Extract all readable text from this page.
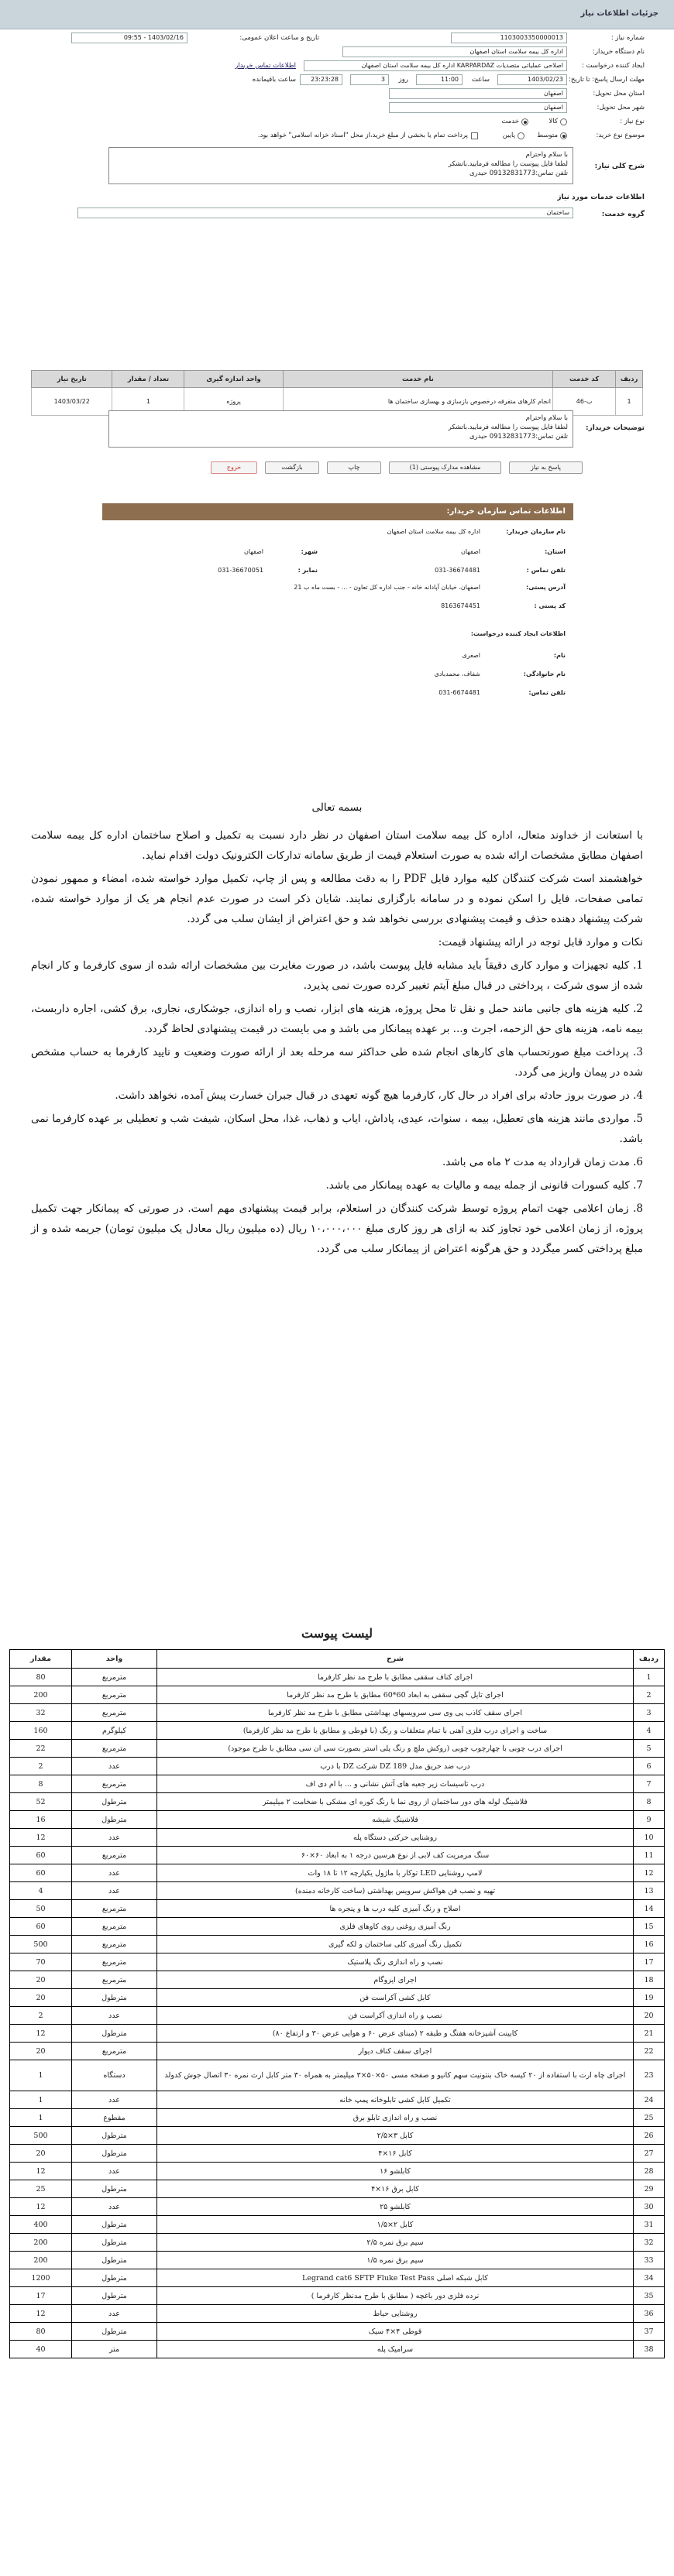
جزئیات اطلاعات نیاز
شماره نیاز :
1103003350000013
تاریخ و ساعت اعلان عمومی:
1403/02/16 - 09:55
نام دستگاه خریدار:
اداره کل بیمه سلامت استان اصفهان
ایجاد کننده درخواست :
اصلاحی عملیاتی متصدیات KARPARDAZ اداره کل بیمه سلامت استان اصفهان
اطلاعات تماس خریدار
مهلت ارسال پاسخ: تا تاریخ:
1403/02/23
ساعت
11:00
روز
3
23:23:28
ساعت باقیمانده
استان محل تحویل:
اصفهان
شهر محل تحویل:
اصفهان
نوع نیاز :
کالا
خدمت
موضوع نوع خرید:
متوسط
پایین
پرداخت تمام یا بخشی از مبلغ خرید،از محل "اسناد خزانه اسلامی" خواهد بود.
شرح کلی نیاز:
با سلام واحترام
لطفا فایل پیوست را مطالعه فرمایید.باتشکر
تلفن تماس:09132831773 حیدری
اطلاعات خدمات مورد نیاز
گروه خدمت:
ساختمان
ردیف	کد خدمت	نام خدمت	واحد اندازه گیری	تعداد / مقدار	تاریخ نیاز
1	ب-46	انجام کارهای متفرقه درخصوص بازسازی و بهسازی ساختمان ها	پروژه	1	1403/03/22
توضیحات خریدار:
با سلام واحترام
لطفا فایل پیوست را مطالعه فرمایید.باتشکر
تلفن تماس:09132831773 حیدری
پاسخ به نیاز
مشاهده مدارک پیوستی (1)
چاپ
بازگشت
خروج
اطلاعات تماس سازمان خریدار:
نام سازمان خریدار:
اداره کل بیمه سلامت استان اصفهان
استان:
اصفهان
شهر:
اصفهان
تلفن تماس :
031-36674481
نمابر :
031-36670051
آدرس پستی:
اصفهان، خیابان آپادانه خانه - جنب اداره کل تعاون - ... - بست ماه ب 21
کد پستی :
8163674451
اطلاعات ایجاد کننده درخواست:
نام:
اصغری
نام خانوادگی:
شفاف، محمدبادی
تلفن تماس:
031-6674481

بسمه تعالی

با استعانت از خداوند متعال، اداره کل بیمه سلامت استان اصفهان در نظر دارد نسبت به تکمیل و اصلاح ساختمان اداره کل بیمه سلامت اصفهان مطابق مشخصات ارائه شده به صورت استعلام قیمت از طریق سامانه تدارکات الکترونیک دولت اقدام نماید.

خواهشمند است شرکت کنندگان کلیه موارد فایل PDF را به دقت مطالعه و پس از چاپ، تکمیل موارد خواسته شده، امضاء و ممهور نمودن تمامی صفحات، فایل را اسکن نموده و در سامانه بارگزاری نمایند. شایان ذکر است در صورت عدم انجام هر یک از موارد خواسته شده، شرکت پیشنهاد دهنده حذف و قیمت پیشنهادی بررسی نخواهد شد و حق اعتراض از ایشان سلب می گردد.

نکات و موارد قابل توجه در ارائه پیشنهاد قیمت:

1. کلیه تجهیزات و موارد کاری دقیقاً باید مشابه فایل پیوست باشد، در صورت مغایرت بین مشخصات ارائه شده از سوی کارفرما و کار انجام شده از سوی شرکت ، پرداختی در قبال مبلغ آیتم تغییر کرده صورت نمی پذیرد.

2. کلیه هزینه های جانبی مانند حمل و نقل تا محل پروژه، هزینه های ابزار، نصب و راه اندازی، جوشکاری، نجاری، برق کشی، اجاره داربست، بیمه نامه، هزینه های حق الزحمه، اجرت و... بر عهده پیمانکار می باشد و می بایست در قیمت پیشنهادی لحاظ گردد.

3. پرداخت مبلغ صورتحساب های کارهای انجام شده طی حداکثر سه مرحله بعد از ارائه صورت وضعیت و تایید کارفرما به حساب مشخص شده در پیمان واریز می گردد.

4. در صورت بروز حادثه برای افراد در حال کار، کارفرما هیچ گونه تعهدی در قبال جبران خسارت پیش آمده، نخواهد داشت.

5. مواردی مانند هزینه های تعطیل، بیمه ، سنوات، عیدی، پاداش، ایاب و ذهاب، غذا، محل اسکان، شیفت شب و تعطیلی بر عهده کارفرما نمی باشد.

6. مدت زمان قرارداد به مدت ۲ ماه می باشد.

7. کلیه کسورات قانونی از جمله بیمه و مالیات به عهده پیمانکار می باشد.

8. زمان اعلامی جهت اتمام پروژه توسط شرکت کنندگان در استعلام، برابر قیمت پیشنهادی مهم است. در صورتی که پیمانکار جهت تکمیل پروژه، از زمان اعلامی خود تجاوز کند به ازای هر روز کاری مبلغ ۱۰،۰۰۰،۰۰۰ ریال (ده میلیون ریال معادل یک میلیون تومان) جریمه شده و از مبلغ پرداختی کسر میگردد و حق هرگونه اعتراض از پیمانکار سلب می گردد.

لیست پیوست
ردیف	شرح	واحد	مقدار
1	اجرای کناف سقفی مطابق با طرح مد نظر کارفرما	مترمربع	80
2	اجرای تایل گچی سقفی به ابعاد 60*60 مطابق با طرح مد نظر کارفرما	مترمربع	200
3	اجرای سقف کاذب پی وی سی سرویسهای بهداشتی مطابق با طرح مد نظر کارفرما	مترمربع	32
4	ساخت و اجرای درب فلزی آهنی با تمام متعلقات و رنگ (با قوطی و مطابق با طرح مد نظر کارفرما)	کیلوگرم	160
5	اجرای درب چوبی با چهارچوب چوبی (روکش ملچ و رنگ پلی استر بصورت سی ان سی مطابق با طرح موجود)	مترمربع	22
6	درب ضد حریق مدل DZ 189 شرکت DZ با درب	عدد	2
7	درب تاسیسات زیر جعبه های آتش نشانی و ... با ام دی اف	مترمربع	8
8	فلاشینگ لوله های دور ساختمان از روی نما با رنگ کوره ای مشکی با ضخامت ۲ میلیمتر	مترطول	52
9	فلاشینگ شیشه	مترطول	16
10	روشنایی حرکتی دستگاه پله	عدد	12
11	سنگ مرمریت کف لابی از نوع هرسین درجه ۱ به ابعاد ۶۰×۶۰	مترمربع	60
12	لامپ روشنایی LED توکار با ماژول یکپارچه ۱۲ تا ۱۸ وات	عدد	60
13	تهیه و نصب فن هواکش سرویس بهداشتی (ساخت کارخانه دمنده)	عدد	4
14	اصلاح و رنگ آمیزی کلیه درب ها و پنجره ها	مترمربع	50
15	رنگ آمیزی روغنی روی کاوهای فلزی	مترمربع	60
16	تکمیل رنگ آمیزی کلی ساختمان و لکه گیری	مترمربع	500
17	نصب و راه اندازی رنگ پلاستیک	مترمربع	70
18	اجرای ایزوگام	مترمربع	20
19	کابل کشی آکراست فن	مترطول	20
20	نصب و راه اندازی آکراست فن	عدد	2
21	کابینت آشپزخانه هفتگ و طبقه ۲ (مبنای عرض ۶۰ و هوایی عرض ۳۰ و ارتفاع ۸۰)	مترطول	12
22	اجرای سقف کناف دیوار	مترمربع	20
23	اجرای چاه ارت با استفاده از ۲۰ کیسه خاک بنتونیت سهم کانیو و صفحه مسی ۵۰×۵۰×۳ میلیمتر به همراه ۳۰ متر کابل ارت نمره ۳۰ اتصال جوش کدولد	دستگاه	1
24	تکمیل کابل کشی تابلوخانه پمپ خانه	عدد	1
25	نصب و راه اندازی تابلو برق	مقطوع	1
26	کابل ۳×۲/۵	مترطول	500
27	کابل ۱۶×۴	مترطول	20
28	کابلشو ۱۶	عدد	12
29	کابل برق ۱۶×۴	مترطول	25
30	کابلشو ۲۵	عدد	12
31	کابل ۲×۱/۵	مترطول	400
32	سیم برق نمره ۲/۵	مترطول	200
33	سیم برق نمره ۱/۵	مترطول	200
34	کابل شبکه اصلی Legrand cat6 SFTP Fluke Test Pass	مترطول	1200
35	نرده فلزی دور باغچه ( مطابق با طرح مدنظر کارفرما )	مترطول	17
36	روشنایی حیاط	عدد	12
37	قوطی ۴×۴ سیک	مترطول	80
38	سرامیک پله	متر	40
